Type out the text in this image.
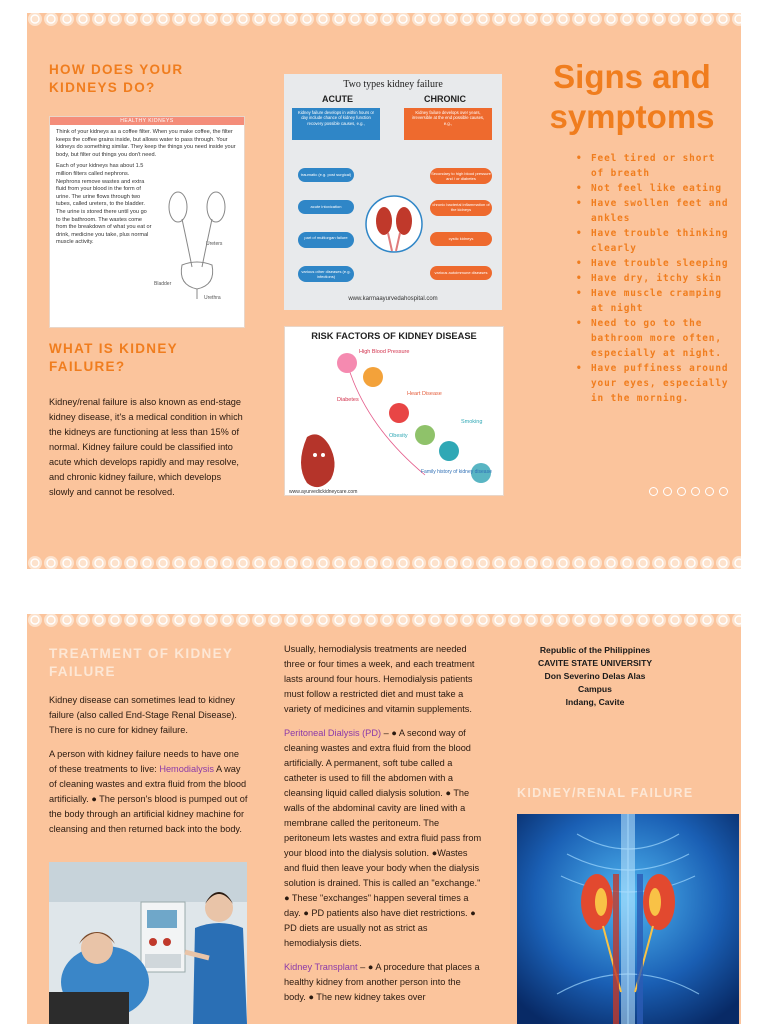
HOW DOES YOUR KIDNEYS DO?
HEALTHY KIDNEYS

Think of your kidneys as a coffee filter. When you make coffee, the filter keeps the coffee grains inside, but allows water to pass through. Your kidneys do something similar. They keep the things you need inside your body, but filter out things you don't need.

Each of your kidneys has about 1.5 million filters called nephrons. Nephrons remove wastes and extra fluid from your blood in the form of urine. The urine flows through two tubes, called ureters, to the bladder. The urine is stored there until you go to the bathroom. The wastes come from the breakdown of what you eat or drink, medicine you take, plus normal muscle activity.	Ureters
Bladder
Urethra
WHAT IS KIDNEY FAILURE?

Kidney/renal failure is also known as end-stage kidney disease, it's a medical condition in which the kidneys are functioning at less than 15% of normal. Kidney failure could be classified into acute which develops rapidly and may resolve, and chronic kidney failure, which develops slowly and cannot be resolved.

Two types kidney failure
ACUTE	CHRONIC
Kidney failure develops in within hours or day include chance of kidney function recovery possible causes, e.g.,
Kidney failure develops over years, irreversible at the end possible causes, e.g.,
traumatic (e.g. post surgical)
acute intoxication
part of multiorgan failure
various other diseases (e.g. infections)
Secondary to high blood pressure and / or diabetes
chronic bacterial inflammation of the kidneys
cystic kidneys
various autoimmune diseases
www.karmaayurvedahospital.com
RISK FACTORS OF KIDNEY DISEASE
High Blood Pressure
Diabetes
Heart Disease
Obesity
Smoking
Family history of kidney disease
www.ayurvedickidneycare.com
Signs and symptoms
• Feel tired or short of breath
• Not feel like eating
• Have swollen feet and ankles
• Have trouble thinking clearly
• Have trouble sleeping
• Have dry, itchy skin
• Have muscle cramping at night
• Need to go to the bathroom more often, especially at night.
• Have puffiness around your eyes, especially in the morning.
TREATMENT OF KIDNEY FAILURE

Kidney disease can sometimes lead to kidney failure (also called End-Stage Renal Disease). There is no cure for kidney failure.

A person with kidney failure needs to have one of these treatments to live: Hemodialysis A way of cleaning wastes and extra fluid from the blood artificially. ● The person's blood is pumped out of the body through an artificial kidney machine for cleansing and then returned back into the body.

Usually, hemodialysis treatments are needed three or four times a week, and each treatment lasts around four hours. Hemodialysis patients must follow a restricted diet and must take a variety of medicines and vitamin supplements.

Peritoneal Dialysis (PD) – ● A second way of cleaning wastes and extra fluid from the blood artificially. A permanent, soft tube called a catheter is used to fill the abdomen with a cleansing liquid called dialysis solution. ● The walls of the abdominal cavity are lined with a membrane called the peritoneum. The peritoneum lets wastes and extra fluid pass from your blood into the dialysis solution. ●Wastes and fluid then leave your body when the dialysis solution is drained. This is called an "exchange." ● These "exchanges" happen several times a day. ● PD patients also have diet restrictions. ● PD diets are usually not as strict as hemodialysis diets.

Kidney Transplant – ● A procedure that places a healthy kidney from another person into the body. ● The new kidney takes over

Republic of the Philippines
CAVITE STATE UNIVERSITY
Don Severino Delas Alas
Campus
Indang, Cavite
KIDNEY/RENAL FAILURE
